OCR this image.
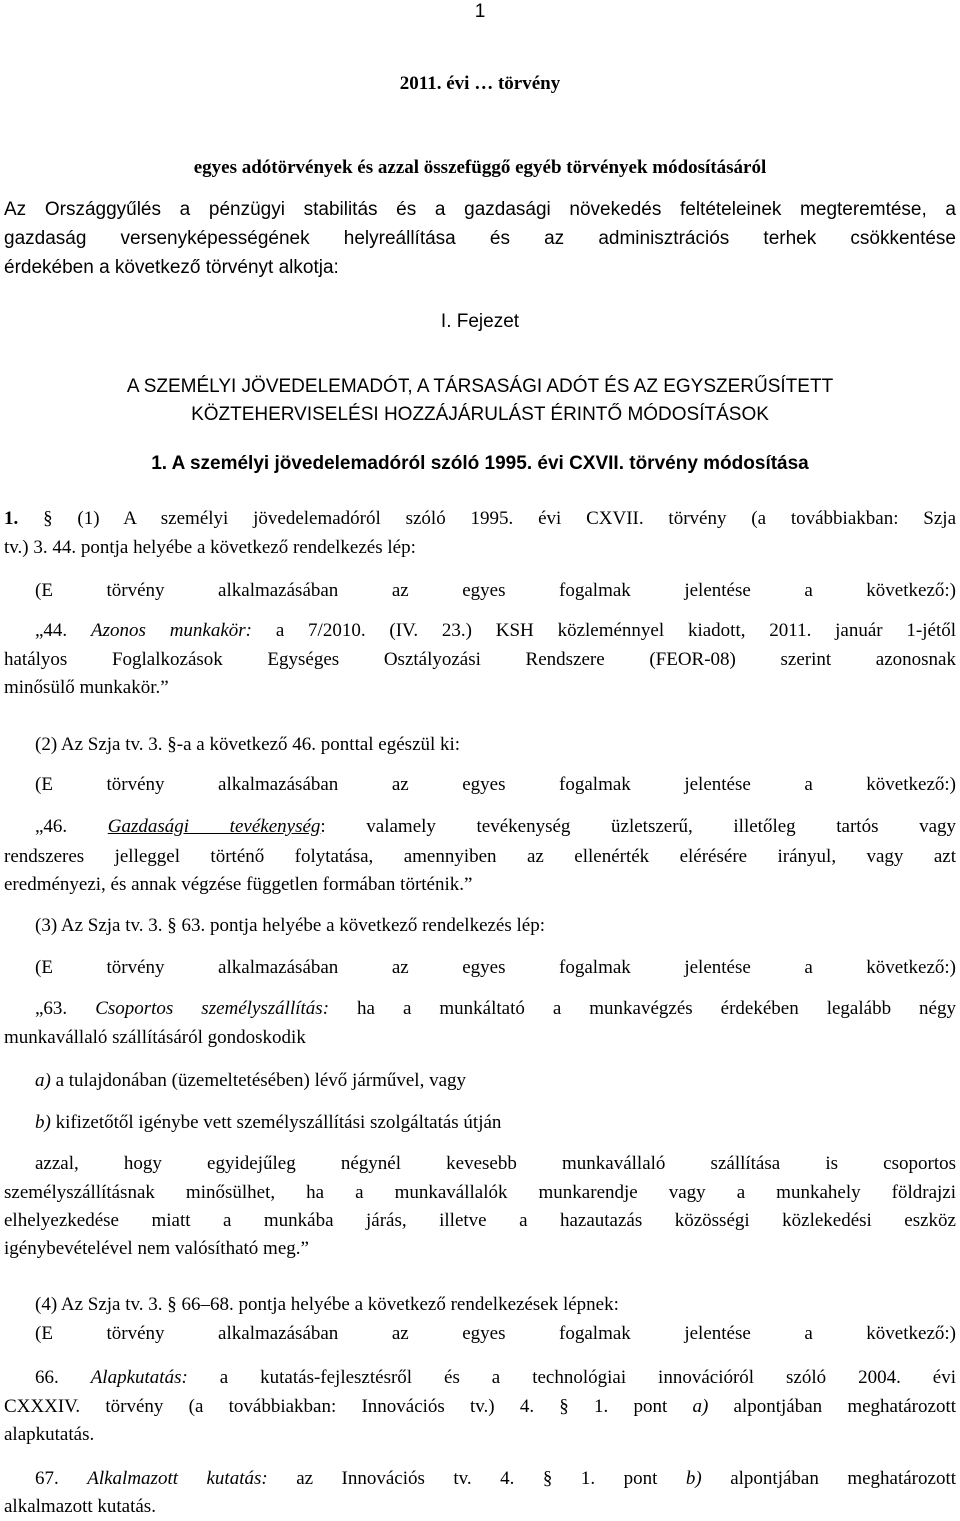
1
2011. évi … törvény
egyes adótörvények és azzal összefüggő egyéb törvények módosításáról
Az Országgyűlés a pénzügyi stabilitás és a gazdasági növekedés feltételeinek megteremtése, a
gazdaság versenyképességének helyreállítása és az adminisztrációs terhek csökkentése
érdekében a következő törvényt alkotja:
I. Fejezet
A SZEMÉLYI JÖVEDELEMADÓT, A TÁRSASÁGI ADÓT ÉS AZ EGYSZERŰSÍTETT
KÖZTEHERVISELÉSI HOZZÁJÁRULÁST ÉRINTŐ MÓDOSÍTÁSOK
1. A személyi jövedelemadóról szóló 1995. évi CXVII. törvény módosítása
1. § (1) A személyi jövedelemadóról szóló 1995. évi CXVII. törvény (a továbbiakban: Szja
tv.) 3. 44. pontja helyébe a következő rendelkezés lép:
(E törvény alkalmazásában az egyes fogalmak jelentése a következő:)
„44. Azonos munkakör: a 7/2010. (IV. 23.) KSH közleménnyel kiadott, 2011. január 1-jétől
hatályos Foglalkozások Egységes Osztályozási Rendszere (FEOR-08) szerint azonosnak
minősülő munkakör.”
(2) Az Szja tv. 3. §-a a következő 46. ponttal egészül ki:
(E törvény alkalmazásában az egyes fogalmak jelentése a következő:)
„46. Gazdasági tevékenység: valamely tevékenység üzletszerű, illetőleg tartós vagy
rendszeres jelleggel történő folytatása, amennyiben az ellenérték elérésére irányul, vagy azt
eredményezi, és annak végzése független formában történik.”
(3) Az Szja tv. 3. § 63. pontja helyébe a következő rendelkezés lép:
(E törvény alkalmazásában az egyes fogalmak jelentése a következő:)
„63. Csoportos személyszállítás: ha a munkáltató a munkavégzés érdekében legalább négy
munkavállaló szállításáról gondoskodik
a) a tulajdonában (üzemeltetésében) lévő járművel, vagy
b) kifizetőtől igénybe vett személyszállítási szolgáltatás útján
azzal, hogy egyidejűleg négynél kevesebb munkavállaló szállítása is csoportos
személyszállításnak minősülhet, ha a munkavállalók munkarendje vagy a munkahely földrajzi
elhelyezkedése miatt a munkába járás, illetve a hazautazás közösségi közlekedési eszköz
igénybevételével nem valósítható meg.”
(4) Az Szja tv. 3. § 66–68. pontja helyébe a következő rendelkezések lépnek:
(E törvény alkalmazásában az egyes fogalmak jelentése a következő:)
66. Alapkutatás: a kutatás-fejlesztésről és a technológiai innovációról szóló 2004. évi
CXXXIV. törvény (a továbbiakban: Innovációs tv.) 4. § 1. pont a) alpontjában meghatározott
alapkutatás.
67. Alkalmazott kutatás: az Innovációs tv. 4. § 1. pont b) alpontjában meghatározott
alkalmazott kutatás.
